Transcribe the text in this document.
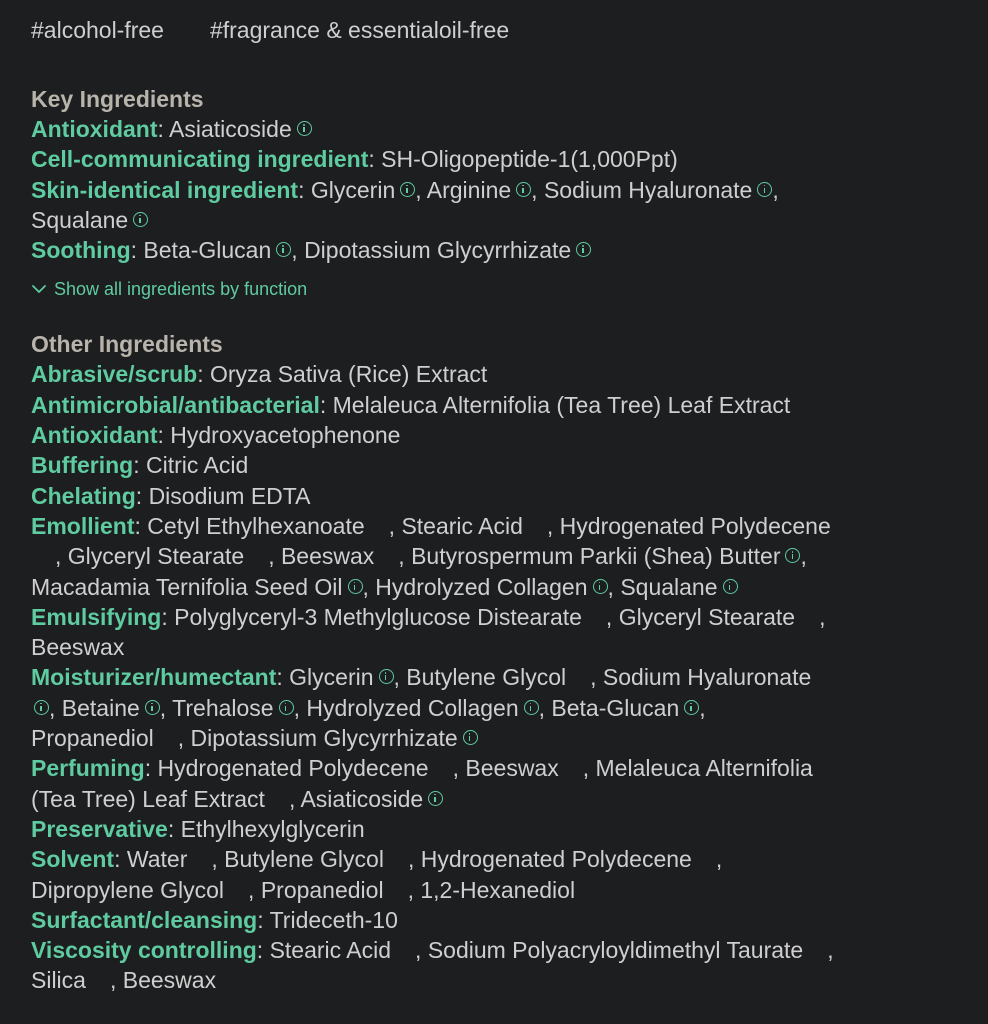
#alcohol-free #fragrance & essentialoil-free

Key Ingredients

Antioxidant: Asiaticoside

Cell-communicating ingredient: SH-Oligopeptide-1(1,000Ppt)

Skin-identical ingredient: Glycerin , Arginine , Sodium Hyaluronate ,
Squalane

Soothing: Beta-Glucan , Dipotassium Glycyrrhizate

Show all ingredients by function

Other Ingredients

Abrasive/scrub: Oryza Sativa (Rice) Extract

Antimicrobial/antibacterial: Melaleuca Alternifolia (Tea Tree) Leaf Extract

Antioxidant: Hydroxyacetophenone

Buffering: Citric Acid

Chelating: Disodium EDTA

Emollient: Cetyl Ethylhexanoate , Stearic Acid , Hydrogenated Polydecene
, Glyceryl Stearate , Beeswax , Butyrospermum Parkii (Shea) Butter ,
Macadamia Ternifolia Seed Oil , Hydrolyzed Collagen , Squalane

Emulsifying: Polyglyceryl-3 Methylglucose Distearate , Glyceryl Stearate ,
Beeswax

Moisturizer/humectant: Glycerin , Butylene Glycol , Sodium Hyaluronate
, Betaine , Trehalose , Hydrolyzed Collagen , Beta-Glucan ,
Propanediol , Dipotassium Glycyrrhizate

Perfuming: Hydrogenated Polydecene , Beeswax , Melaleuca Alternifolia
(Tea Tree) Leaf Extract , Asiaticoside

Preservative: Ethylhexylglycerin

Solvent: Water , Butylene Glycol , Hydrogenated Polydecene ,
Dipropylene Glycol , Propanediol , 1,2-Hexanediol

Surfactant/cleansing: Trideceth-10

Viscosity controlling: Stearic Acid , Sodium Polyacryloyldimethyl Taurate ,
Silica , Beeswax
